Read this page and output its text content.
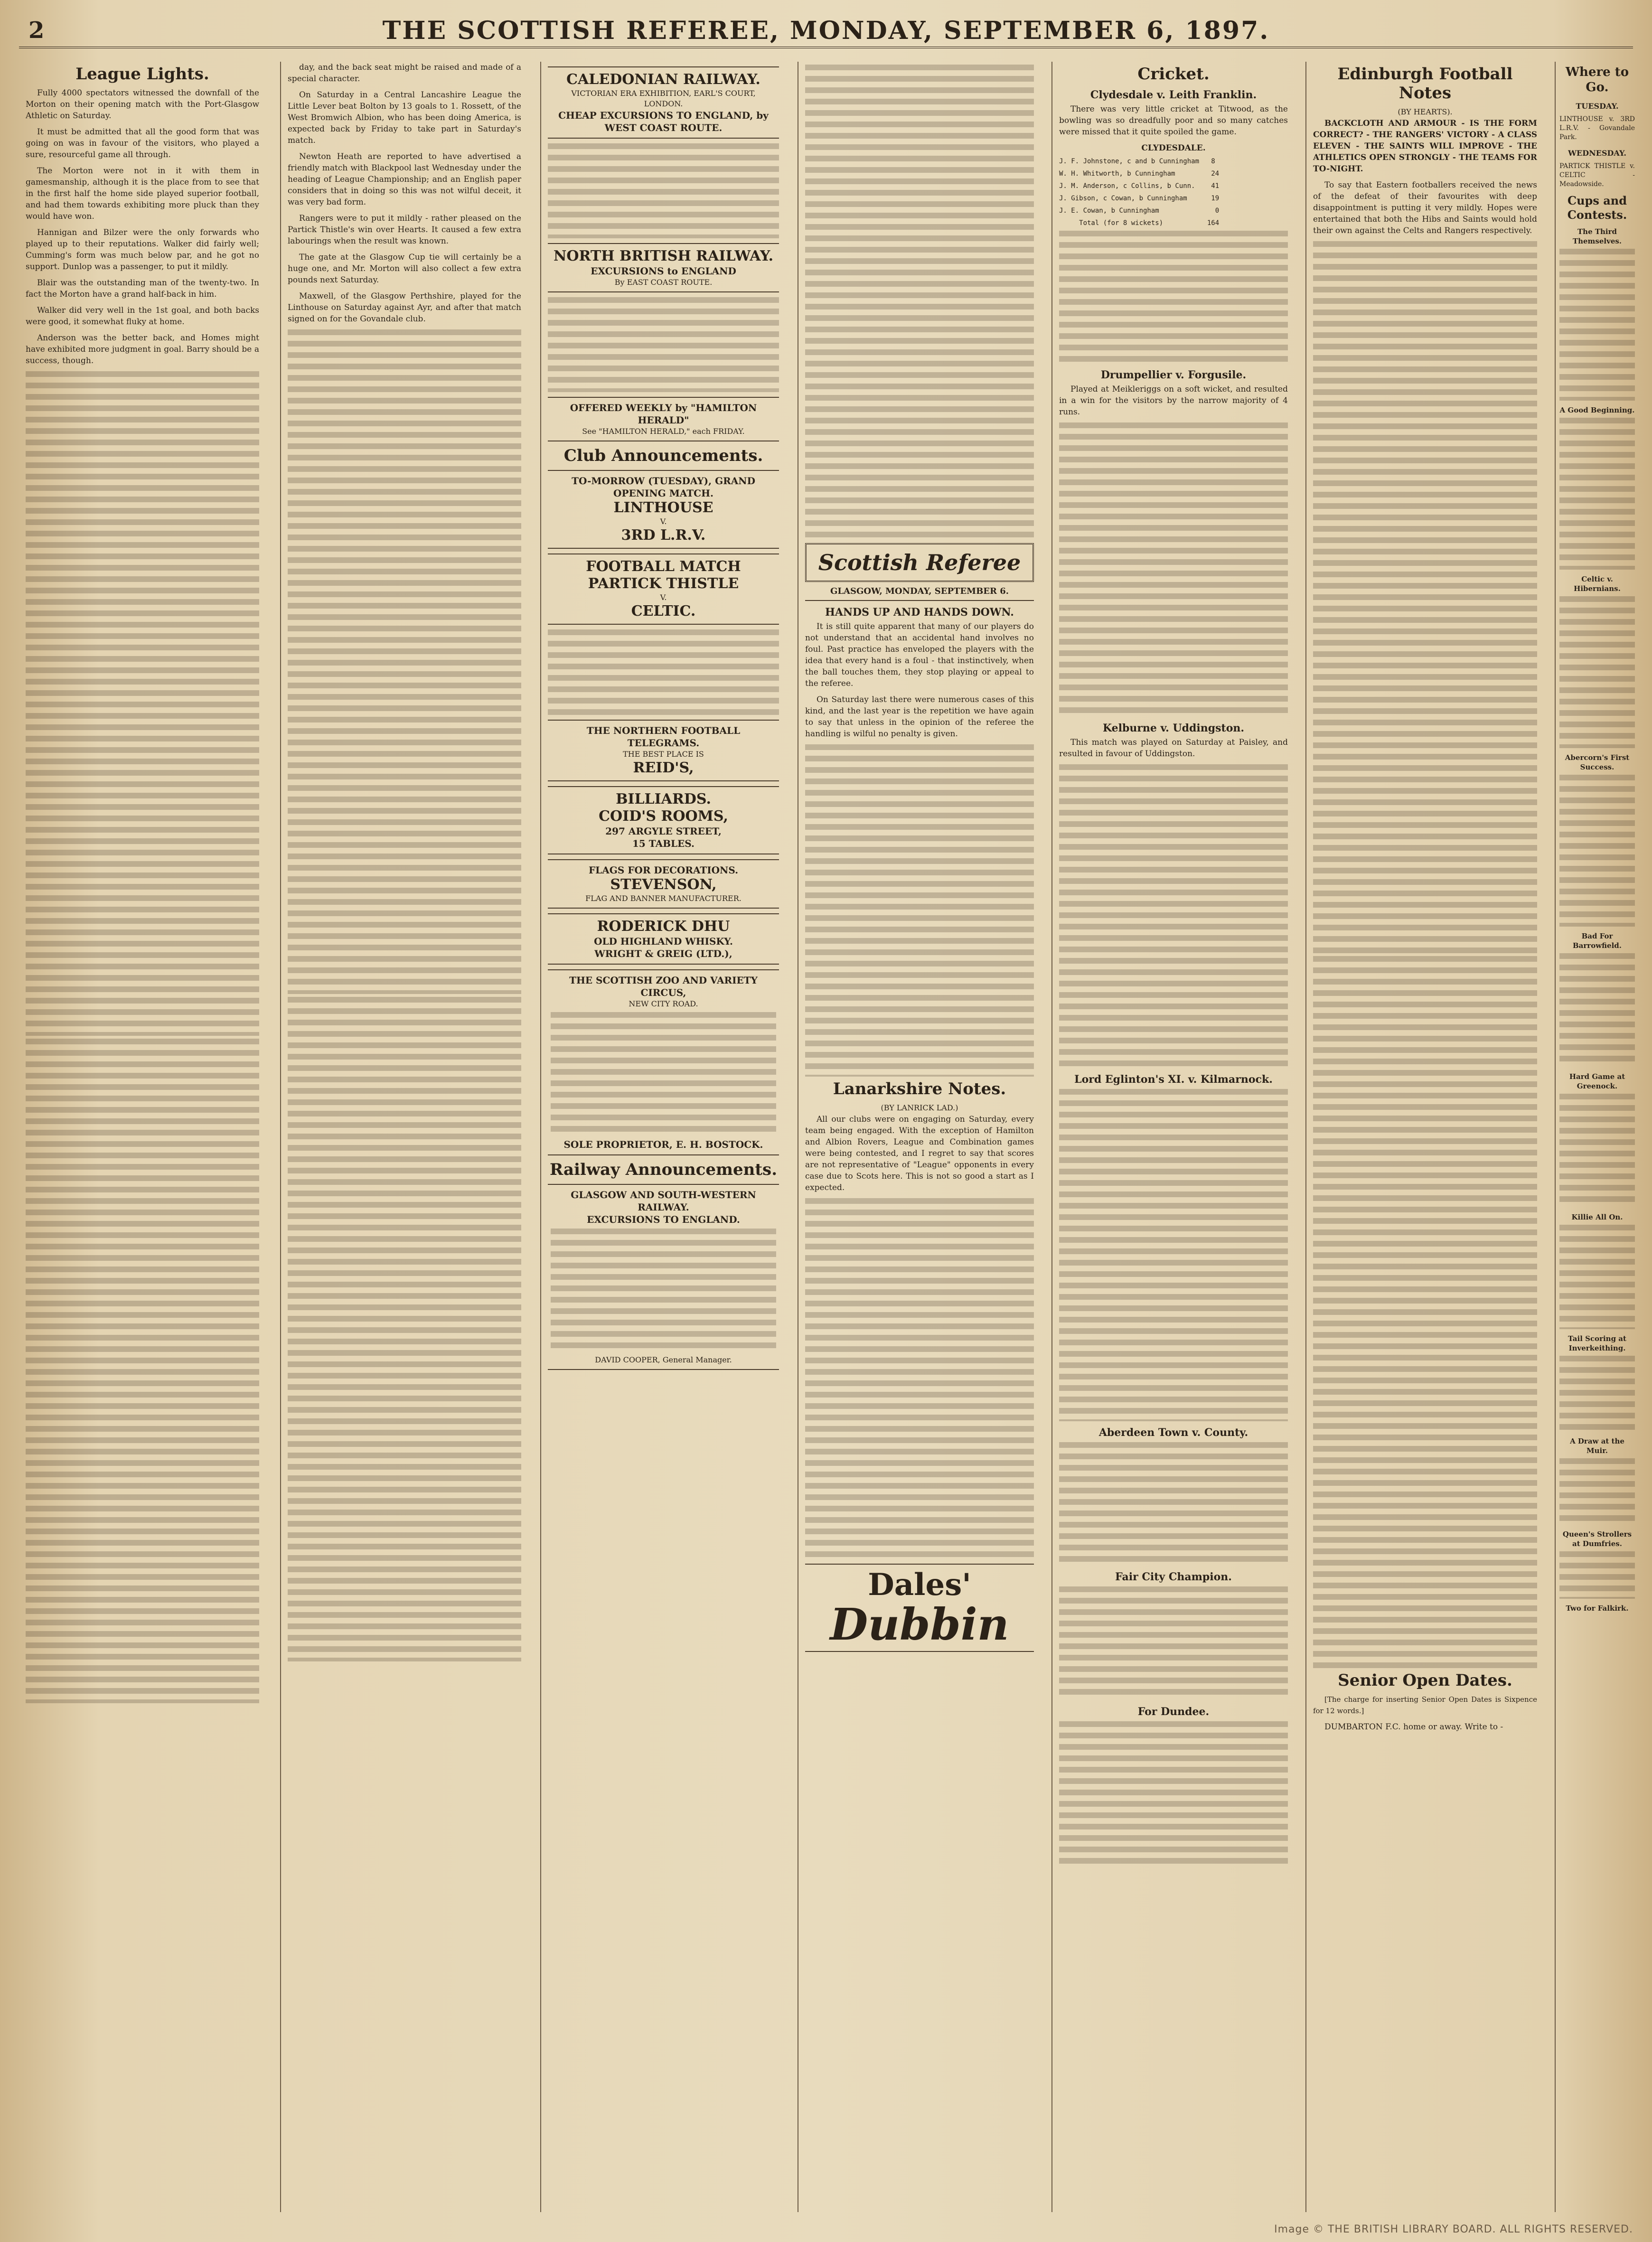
2	THE SCOTTISH REFEREE, MONDAY, SEPTEMBER 6, 1897.
League Lights.

Fully 4000 spectators witnessed the downfall of the Morton on their opening match with the Port-Glasgow Athletic on Saturday.

It must be admitted that all the good form that was going on was in favour of the visitors, who played a sure, resourceful game all through.

The Morton were not in it with them in gamesmanship, although it is the place from to see that in the first half the home side played superior football, and had them towards exhibiting more pluck than they would have won.

Hannigan and Bilzer were the only forwards who played up to their reputations. Walker did fairly well; Cumming's form was much below par, and he got no support. Dunlop was a passenger, to put it mildly.

Blair was the outstanding man of the twenty-two. In fact the Morton have a grand half-back in him.

Walker did very well in the 1st goal, and both backs were good, it somewhat fluky at home.

Anderson was the better back, and Homes might have exhibited more judgment in goal. Barry should be a success, though.

day, and the back seat might be raised and made of a special character.

On Saturday in a Central Lancashire League the Little Lever beat Bolton by 13 goals to 1. Rossett, of the West Bromwich Albion, who has been doing America, is expected back by Friday to take part in Saturday's match.

Newton Heath are reported to have advertised a friendly match with Blackpool last Wednesday under the heading of League Championship; and an English paper considers that in doing so this was not wilful deceit, it was very bad form.

Rangers were to put it mildly - rather pleased on the Partick Thistle's win over Hearts. It caused a few extra labourings when the result was known.

The gate at the Glasgow Cup tie will certainly be a huge one, and Mr. Morton will also collect a few extra pounds next Saturday.

Maxwell, of the Glasgow Perthshire, played for the Linthouse on Saturday against Ayr, and after that match signed on for the Govandale club.

CALEDONIAN RAILWAY.
VICTORIAN ERA EXHIBITION, EARL'S COURT, LONDON.
CHEAP EXCURSIONS TO ENGLAND, by WEST COAST ROUTE.
NORTH BRITISH RAILWAY.
EXCURSIONS to ENGLAND
By EAST COAST ROUTE.
OFFERED WEEKLY by "HAMILTON HERALD"
See "HAMILTON HERALD," each FRIDAY.
Club Announcements.
TO-MORROW (TUESDAY), GRAND OPENING MATCH.
LINTHOUSE
V.
3RD L.R.V.
FOOTBALL MATCH
PARTICK THISTLE
V.
CELTIC.
THE NORTHERN FOOTBALL TELEGRAMS.
THE BEST PLACE IS
REID'S,
BILLIARDS.
COID'S ROOMS,
297 ARGYLE STREET,
15 TABLES.
FLAGS FOR DECORATIONS.
STEVENSON,
FLAG AND BANNER MANUFACTURER.
RODERICK DHU
OLD HIGHLAND WHISKY.
WRIGHT & GREIG (LTD.),
THE SCOTTISH ZOO AND VARIETY CIRCUS,
NEW CITY ROAD.
SOLE PROPRIETOR, E. H. BOSTOCK.
Railway Announcements.
GLASGOW AND SOUTH-WESTERN RAILWAY.
EXCURSIONS TO ENGLAND.
DAVID COOPER, General Manager.
Scottish Referee
GLASGOW, MONDAY, SEPTEMBER 6.
HANDS UP AND HANDS DOWN.

It is still quite apparent that many of our players do not understand that an accidental hand involves no foul. Past practice has enveloped the players with the idea that every hand is a foul - that instinctively, when the ball touches them, they stop playing or appeal to the referee.

On Saturday last there were numerous cases of this kind, and the last year is the repetition we have again to say that unless in the opinion of the referee the handling is wilful no penalty is given.

Lanarkshire Notes.
(BY LANRICK LAD.)

All our clubs were on engaging on Saturday, every team being engaged. With the exception of Hamilton and Albion Rovers, League and Combination games were being contested, and I regret to say that scores are not representative of "League" opponents in every case due to Scots here. This is not so good a start as I expected.

Dales'
Dubbin
Cricket.
Clydesdale v. Leith Franklin.

There was very little cricket at Titwood, as the bowling was so dreadfully poor and so many catches were missed that it quite spoiled the game.

CLYDESDALE.
J. F. Johnstone, c and b Cunningham   8
W. H. Whitworth, b Cunningham         24
J. M. Anderson, c Collins, b Cunn.    41
J. Gibson, c Cowan, b Cunningham      19
J. E. Cowan, b Cunningham              0
Total (for 8 wickets)           164
Drumpellier v. Forgusile.

Played at Meikleriggs on a soft wicket, and resulted in a win for the visitors by the narrow majority of 4 runs.

Kelburne v. Uddingston.

This match was played on Saturday at Paisley, and resulted in favour of Uddingston.

Lord Eglinton's XI. v. Kilmarnock.
Aberdeen Town v. County.
Fair City Champion.
For Dundee.
Edinburgh Football Notes
(BY HEARTS).

BACKCLOTH AND ARMOUR - IS THE FORM CORRECT? - THE RANGERS' VICTORY - A CLASS ELEVEN - THE SAINTS WILL IMPROVE - THE ATHLETICS OPEN STRONGLY - THE TEAMS FOR TO-NIGHT.

To say that Eastern footballers received the news of the defeat of their favourites with deep disappointment is putting it very mildly. Hopes were entertained that both the Hibs and Saints would hold their own against the Celts and Rangers respectively.

Senior Open Dates.

[The charge for inserting Senior Open Dates is Sixpence for 12 words.]

DUMBARTON F.C. home or away. Write to -

Where to Go.
TUESDAY.

LINTHOUSE v. 3RD L.R.V. - Govandale Park.

WEDNESDAY.

PARTICK THISTLE v. CELTIC - Meadowside.

Cups and Contests.
The Third Themselves.
A Good Beginning.
Celtic v. Hibernians.
Abercorn's First Success.
Bad For Barrowfield.
Hard Game at Greenock.
Killie All On.
Tail Scoring at Inverkeithing.
A Draw at the Muir.
Queen's Strollers at Dumfries.
Two for Falkirk.
Image © THE BRITISH LIBRARY BOARD. ALL RIGHTS RESERVED.
